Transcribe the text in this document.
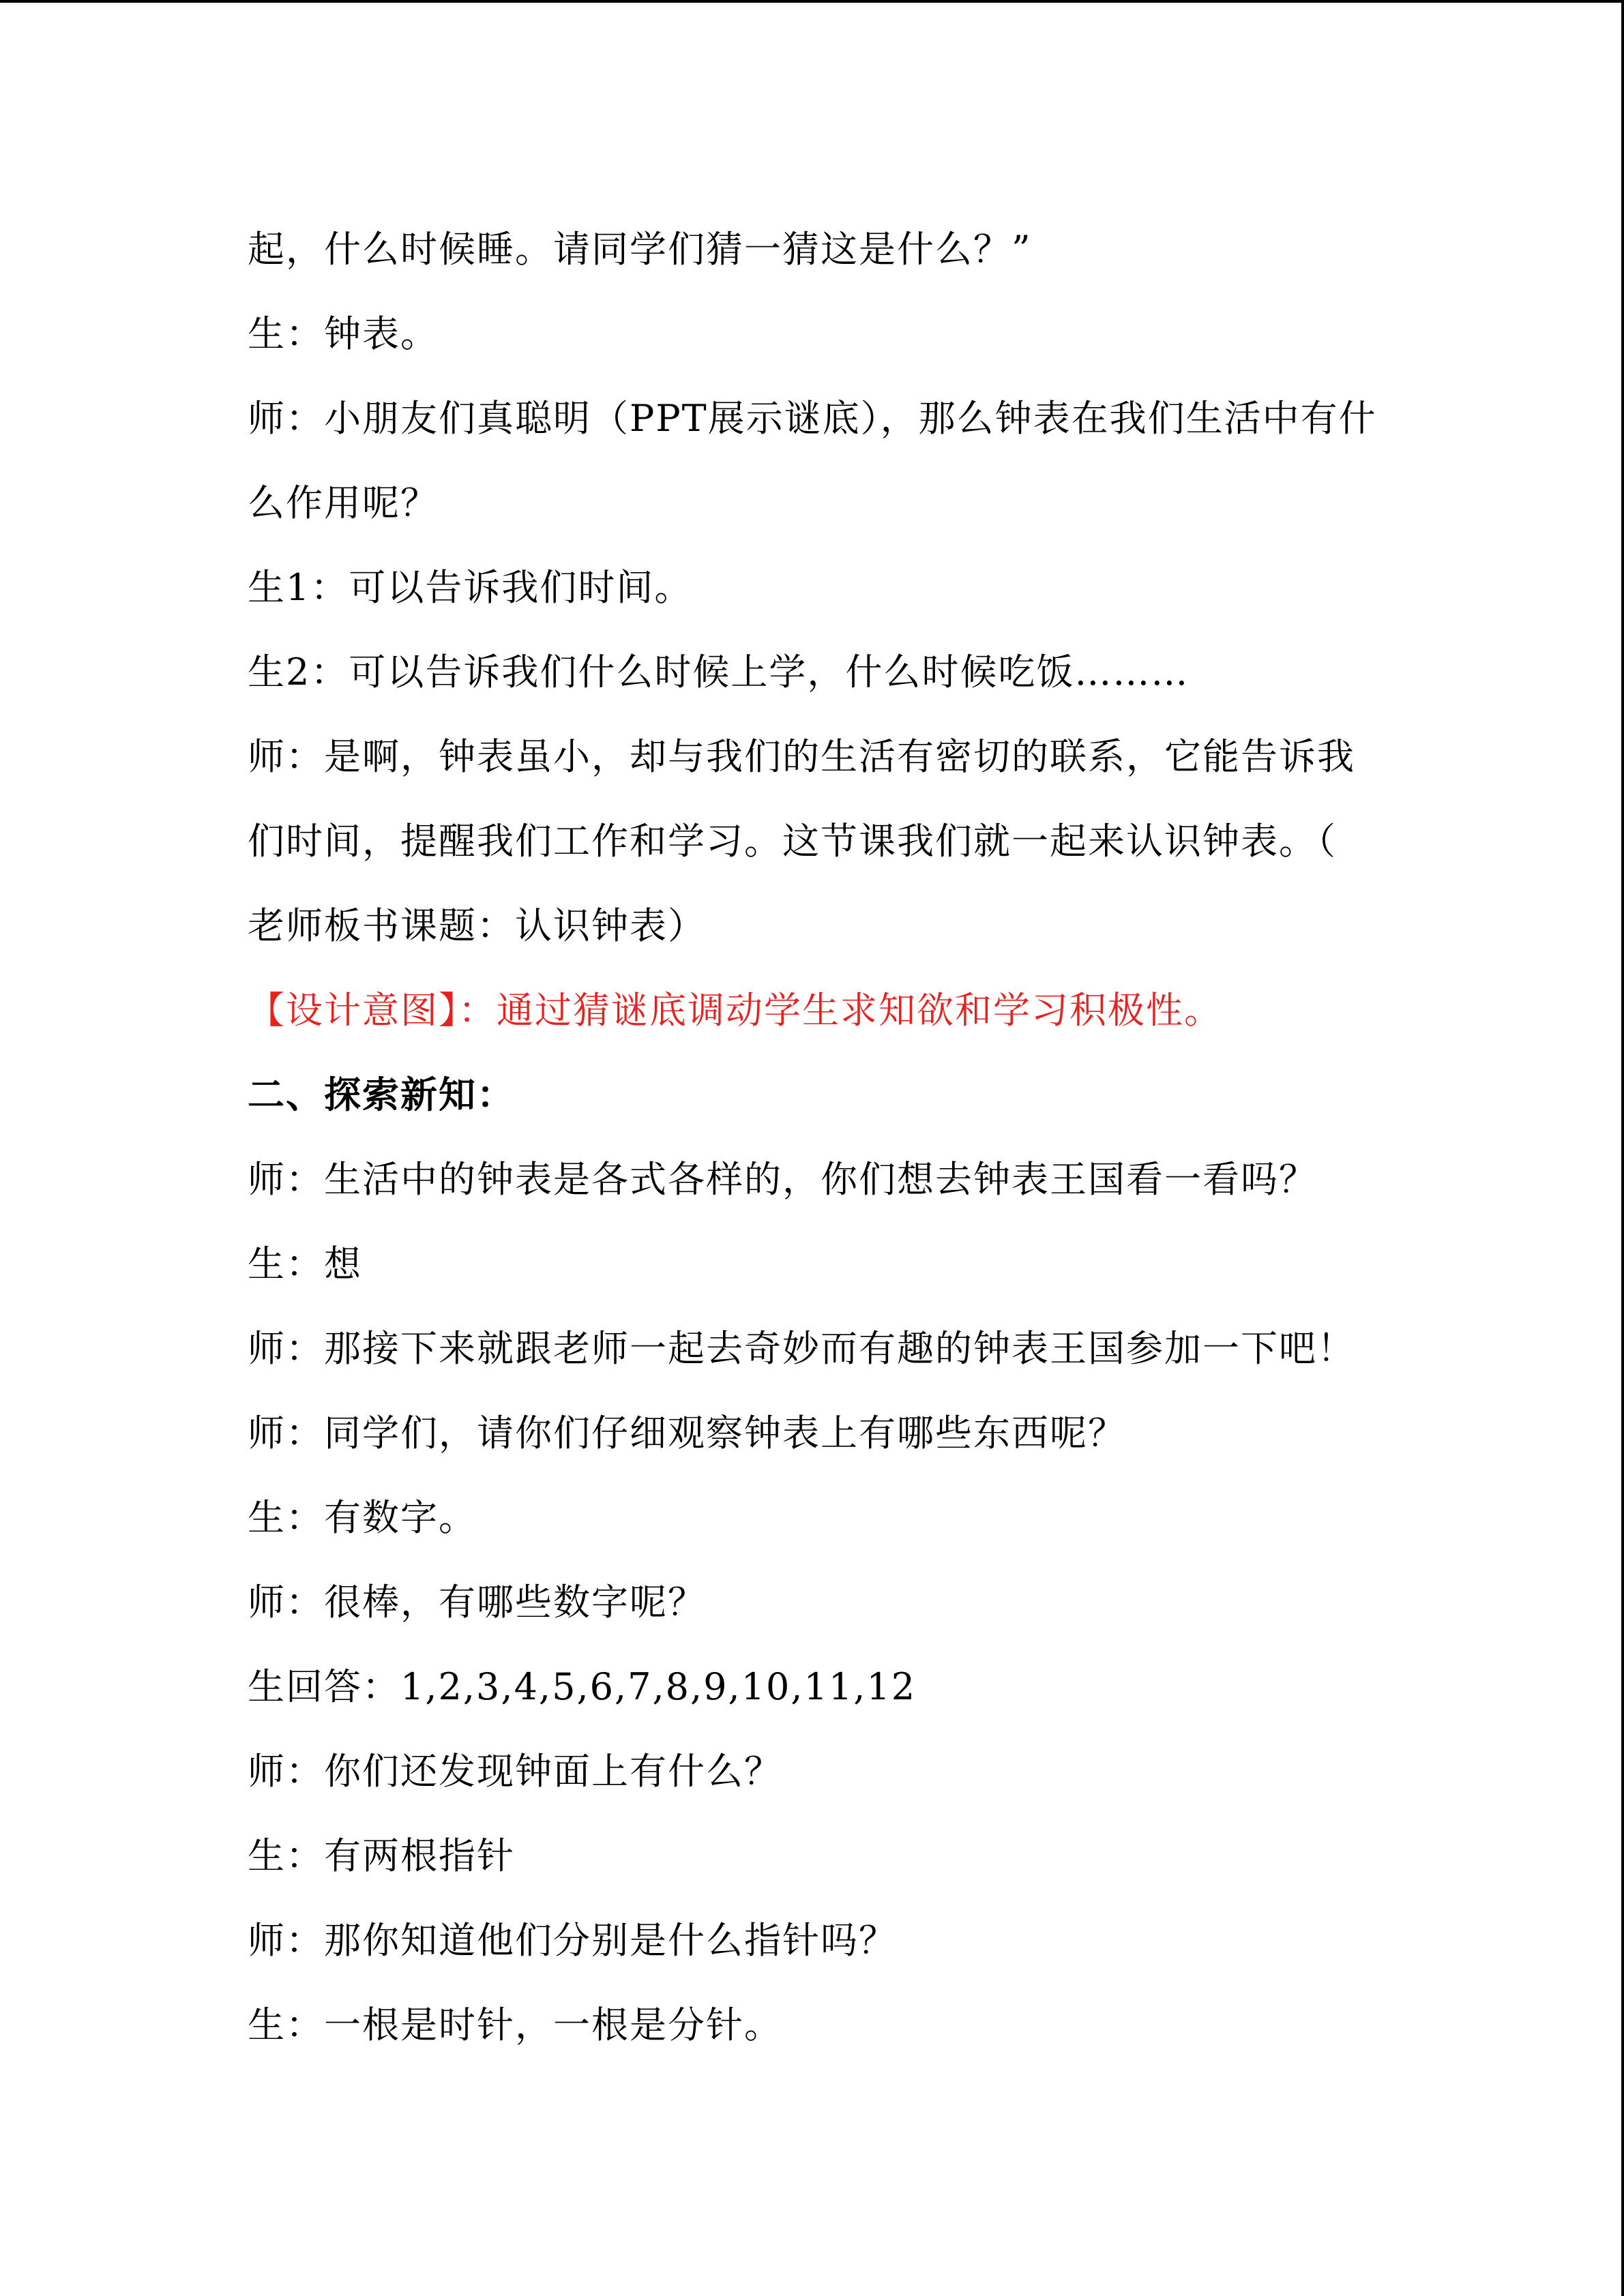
起，什么时候睡。请同学们猜一猜这是什么？”
生：钟表。
师：小朋友们真聪明（PPT展示谜底），那么钟表在我们生活中有什
么作用呢？
生1：可以告诉我们时间。
生2：可以告诉我们什么时候上学，什么时候吃饭………
师：是啊，钟表虽小，却与我们的生活有密切的联系，它能告诉我
们时间，提醒我们工作和学习。这节课我们就一起来认识钟表。（
老师板书课题：认识钟表）
【设计意图】：通过猜谜底调动学生求知欲和学习积极性。
二、探索新知：
师：生活中的钟表是各式各样的，你们想去钟表王国看一看吗？
生：想
师：那接下来就跟老师一起去奇妙而有趣的钟表王国参加一下吧！
师：同学们，请你们仔细观察钟表上有哪些东西呢？
生：有数字。
师：很棒，有哪些数字呢？
生回答：1,2,3,4,5,6,7,8,9,10,11,12
师：你们还发现钟面上有什么？
生：有两根指针
师：那你知道他们分别是什么指针吗？
生：一根是时针，一根是分针。
